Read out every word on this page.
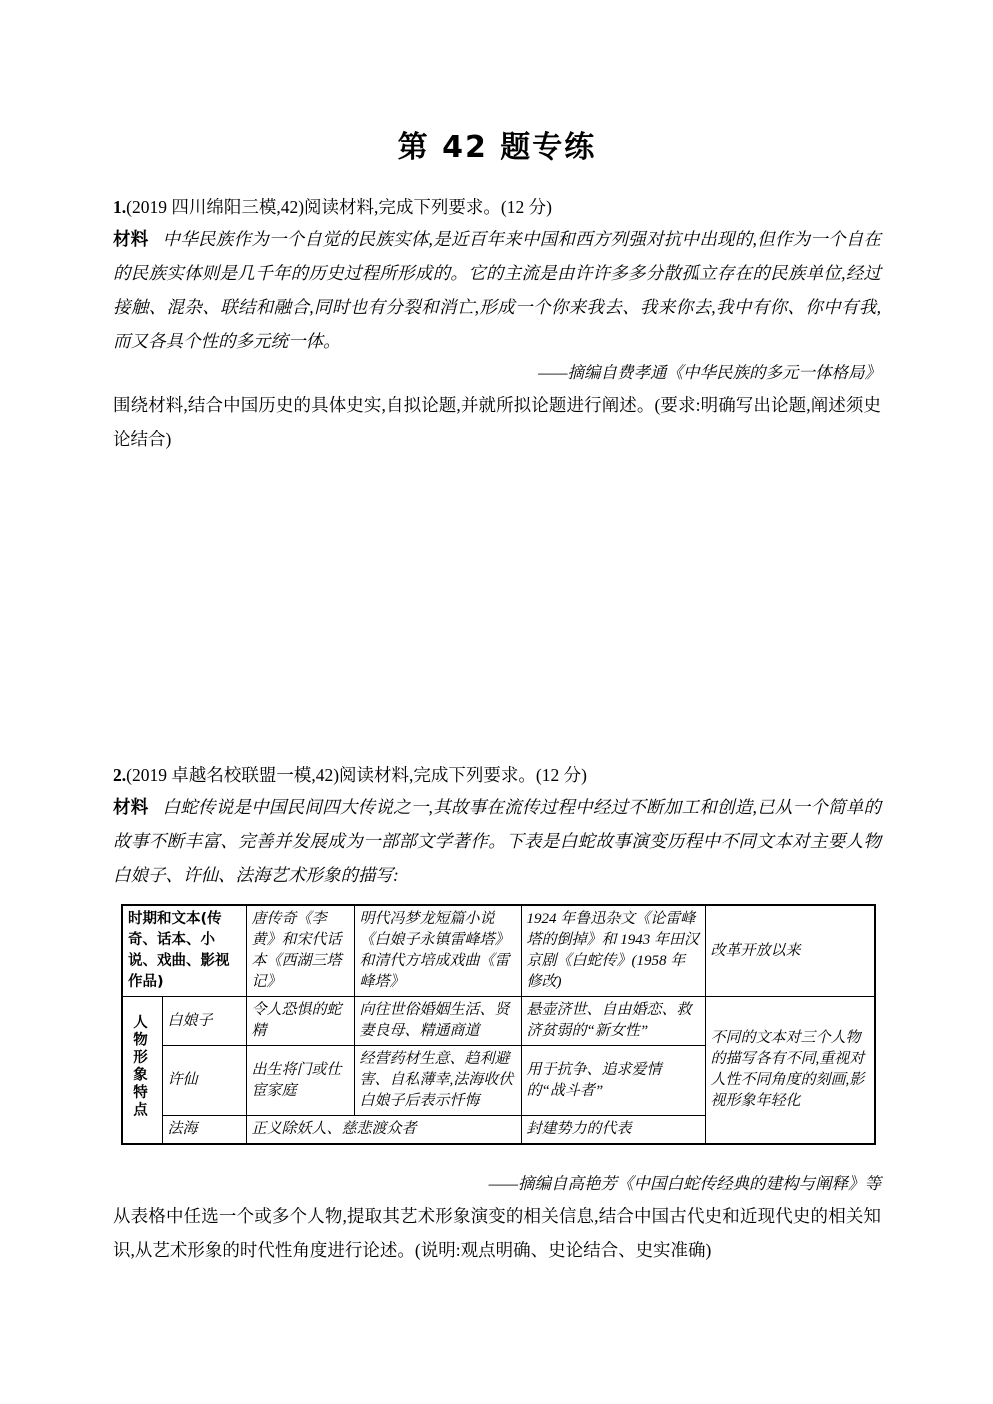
第 42 题专练

1.(2019 四川绵阳三模,42)阅读材料,完成下列要求。(12 分)

材料 中华民族作为一个自觉的民族实体,是近百年来中国和西方列强对抗中出现的,但作为一个自在的民族实体则是几千年的历史过程所形成的。它的主流是由许许多多分散孤立存在的民族单位,经过接触、混杂、联结和融合,同时也有分裂和消亡,形成一个你来我去、我来你去,我中有你、你中有我,而又各具个性的多元统一体。

——摘编自费孝通《中华民族的多元一体格局》

围绕材料,结合中国历史的具体史实,自拟论题,并就所拟论题进行阐述。(要求:明确写出论题,阐述须史论结合)

2.(2019 卓越名校联盟一模,42)阅读材料,完成下列要求。(12 分)

材料 白蛇传说是中国民间四大传说之一,其故事在流传过程中经过不断加工和创造,已从一个简单的故事不断丰富、完善并发展成为一部部文学著作。下表是白蛇故事演变历程中不同文本对主要人物白娘子、许仙、法海艺术形象的描写:

时期和文本(传奇、话本、小说、戏曲、影视作品)		唐传奇《李黄》和宋代话本《西湖三塔记》	明代冯梦龙短篇小说《白娘子永镇雷峰塔》和清代方培成戏曲《雷峰塔》	1924 年鲁迅杂文《论雷峰塔的倒掉》和 1943 年田汉京剧《白蛇传》(1958 年修改)	改革开放以来
人物形象特点	白娘子	令人恐惧的蛇精	向往世俗婚姻生活、贤妻良母、精通商道	悬壶济世、自由婚恋、救济贫弱的“新女性”	不同的文本对三个人物的描写各有不同,重视对人性不同角度的刻画,影视形象年轻化
	许仙	出生将门或仕宦家庭	经营药材生意、趋利避害、自私薄幸,法海收伏白娘子后表示忏悔	用于抗争、追求爱情的“战斗者”	
	法海	正义除妖人、慈悲渡众者		封建势力的代表	

——摘编自高艳芳《中国白蛇传经典的建构与阐释》等

从表格中任选一个或多个人物,提取其艺术形象演变的相关信息,结合中国古代史和近现代史的相关知识,从艺术形象的时代性角度进行论述。(说明:观点明确、史论结合、史实准确)
